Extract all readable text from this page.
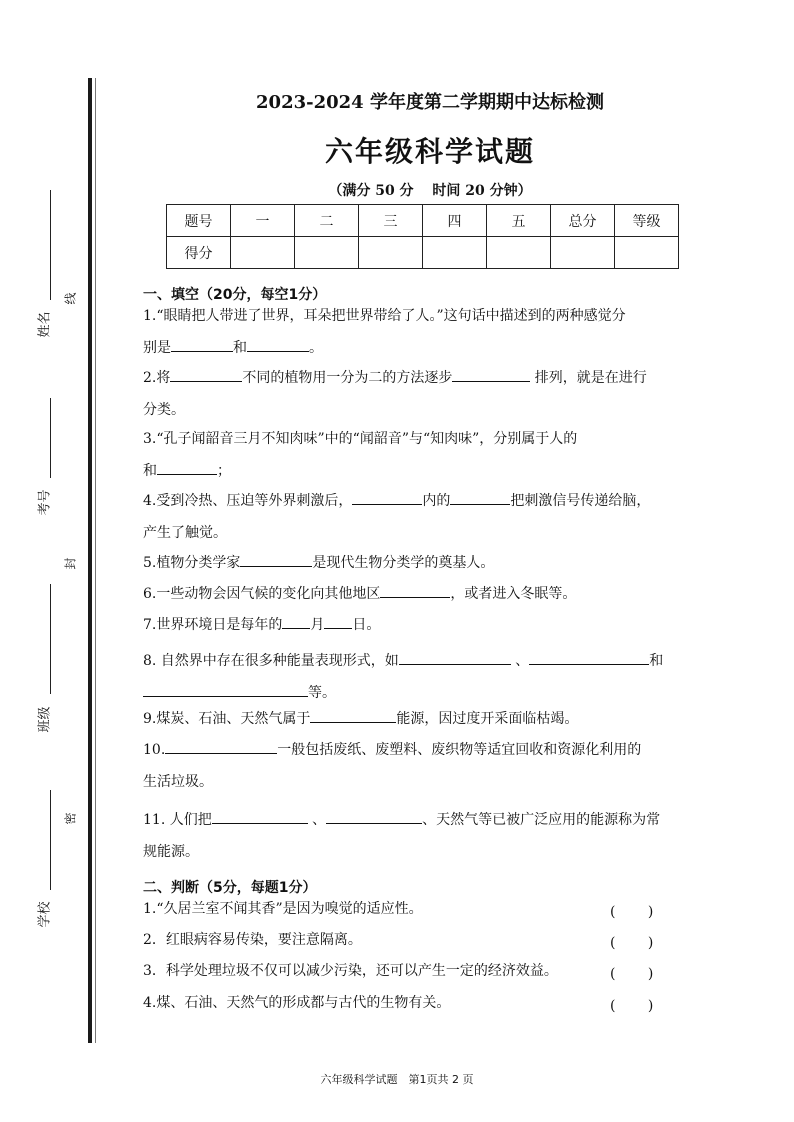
姓名
考号
班级
学校
线
封
密
2023-2024 学年度第二学期期中达标检测
六年级科学试题
（满分 50 分　 时间 20 分钟）
题号	一	二	三	四	五	总分	等级
得分							
一、填空（20分，每空1分）
1.“眼睛把人带进了世界，耳朵把世界带给了人。”这句话中描述到的两种感觉分
别是	和	。
2.将	不同的植物用一分为二的方法逐步	排列，就是在进行
分类。
3.“孔子闻韶音三月不知肉味”中的“闻韶音”与“知肉味”，分别属于人的
和	；
4.受到冷热、压迫等外界刺激后，	内的	把刺激信号传递给脑，
产生了触觉。
5.植物分类学家	是现代生物分类学的奠基人。
6.一些动物会因气候的变化向其他地区	，或者进入冬眠等。
7.世界环境日是每年的 月 日。
8. 自然界中存在很多种能量表现形式，如	、	和
等。
9.煤炭、石油、天然气属于	能源，因过度开采面临枯竭。
10.	一般包括废纸、废塑料、废织物等适宜回收和资源化利用的
生活垃圾。
11. 人们把	、	、天然气等已被广泛应用的能源称为常
规能源。
二、判断（5分，每题1分）
1.“久居兰室不闻其香”是因为嗅觉的适应性。	(　 　)
2．红眼病容易传染，要注意隔离。	(　 　)
3．科学处理垃圾不仅可以减少污染，还可以产生一定的经济效益。	(　 　)
4.煤、石油、天然气的形成都与古代的生物有关。	(　 　)
六年级科学试题　第1页共 2 页
